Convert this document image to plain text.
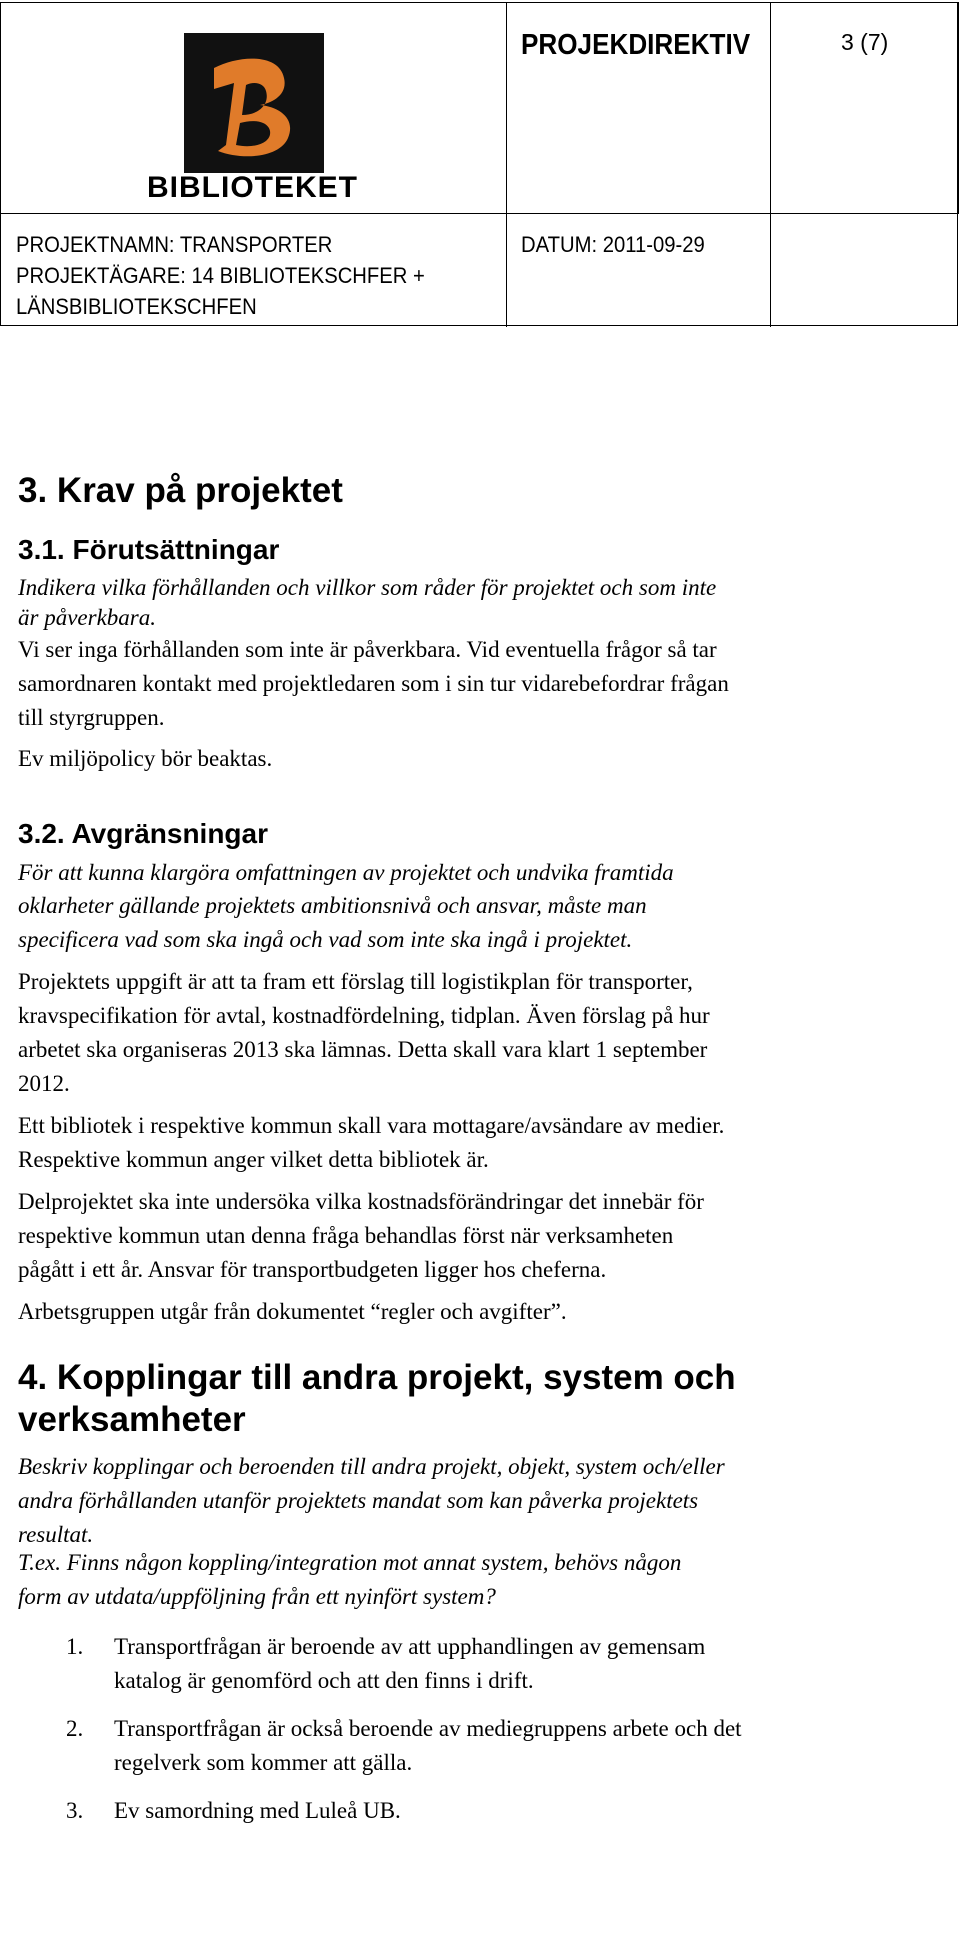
BIBLIOTEKET
PROJEKDIREKTIV	3 (7)
PROJEKTNAMN: TRANSPORTER
PROJEKTÄGARE: 14 BIBLIOTEKSCHFER +
LÄNSBIBLIOTEKSCHFEN
DATUM: 2011-09-29
3. Krav på projektet
3.1. Förutsättningar
Indikera vilka förhållanden och villkor som råder för projektet och som inte
är påverkbara.
Vi ser inga förhållanden som inte är påverkbara. Vid eventuella frågor så tar
samordnaren kontakt med projektledaren som i sin tur vidarebefordrar frågan
till styrgruppen.
Ev miljöpolicy bör beaktas.
3.2. Avgränsningar
För att kunna klargöra omfattningen av projektet och undvika framtida
oklarheter gällande projektets ambitionsnivå och ansvar, måste man
specificera vad som ska ingå och vad som inte ska ingå i projektet.
Projektets uppgift är att ta fram ett förslag till logistikplan för transporter,
kravspecifikation för avtal, kostnadfördelning, tidplan. Även förslag på hur
arbetet ska organiseras 2013 ska lämnas. Detta skall vara klart 1 september
2012.
Ett bibliotek i respektive kommun skall vara mottagare/avsändare av medier.
Respektive kommun anger vilket detta bibliotek är.
Delprojektet ska inte undersöka vilka kostnadsförändringar det innebär för
respektive kommun utan denna fråga behandlas först när verksamheten
pågått i ett år. Ansvar för transportbudgeten ligger hos cheferna.
Arbetsgruppen utgår från dokumentet “regler och avgifter”.
4. Kopplingar till andra projekt, system och
verksamheter
Beskriv kopplingar och beroenden till andra projekt, objekt, system och/eller
andra förhållanden utanför projektets mandat som kan påverka projektets
resultat.
T.ex. Finns någon koppling/integration mot annat system, behövs någon
form av utdata/uppföljning från ett nyinfört system?
1. Transportfrågan är beroende av att upphandlingen av gemensam
katalog är genomförd och att den finns i drift.
2. Transportfrågan är också beroende av mediegruppens arbete och det
regelverk som kommer att gälla.
3. Ev samordning med Luleå UB.
